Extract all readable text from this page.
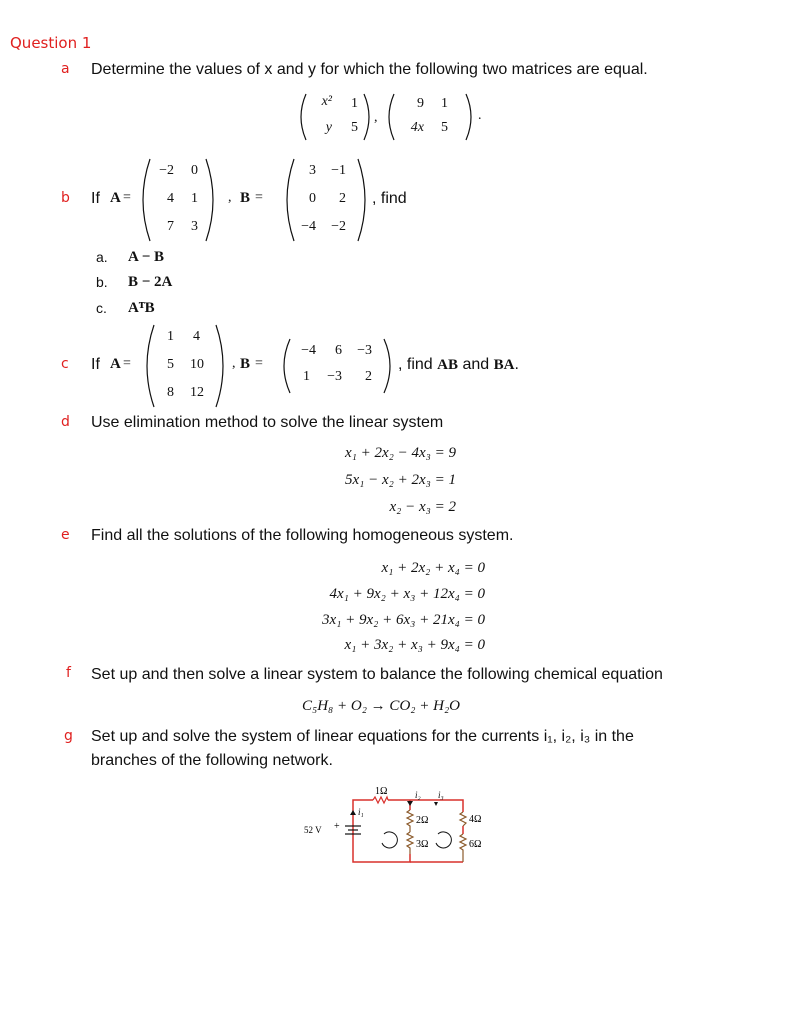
Question 1
a Determine the values of x and y for which the following two matrices are equal.
x²	1
y	5
,
9	1
4x	5
.
b If A =
−2	0
4	1
7	3
, B =
3	−1
0	2
−4	−2
, find
a. A − B
b. B − 2A
c. AᵀB
c If A =
1	4
5	10
8	12
, B =
−4	6	−3
1	−3	2
, find AB and BA.
d Use elimination method to solve the linear system
x₁ + 2x₂ − 4x₃ = 9
5x₁ − x₂ + 2x₃ = 1
x₂ − x₃ = 2
e Find all the solutions of the following homogeneous system.
x₁ + 2x₂ + x₄ = 0
4x₁ + 9x₂ + x₃ + 12x₄ = 0
3x₁ + 9x₂ + 6x₃ + 21x₄ = 0
x₁ + 3x₂ + x₃ + 9x₄ = 0
f Set up and then solve a linear system to balance the following chemical equation
C₅H₈ + O₂ → CO₂ + H₂O
g Set up and solve the system of linear equations for the currents i₁, i₂, i₃ in the
branches of the following network.
1Ω
2Ω
3Ω
4Ω
6Ω
52 V +
i₁
i₂ i₃
